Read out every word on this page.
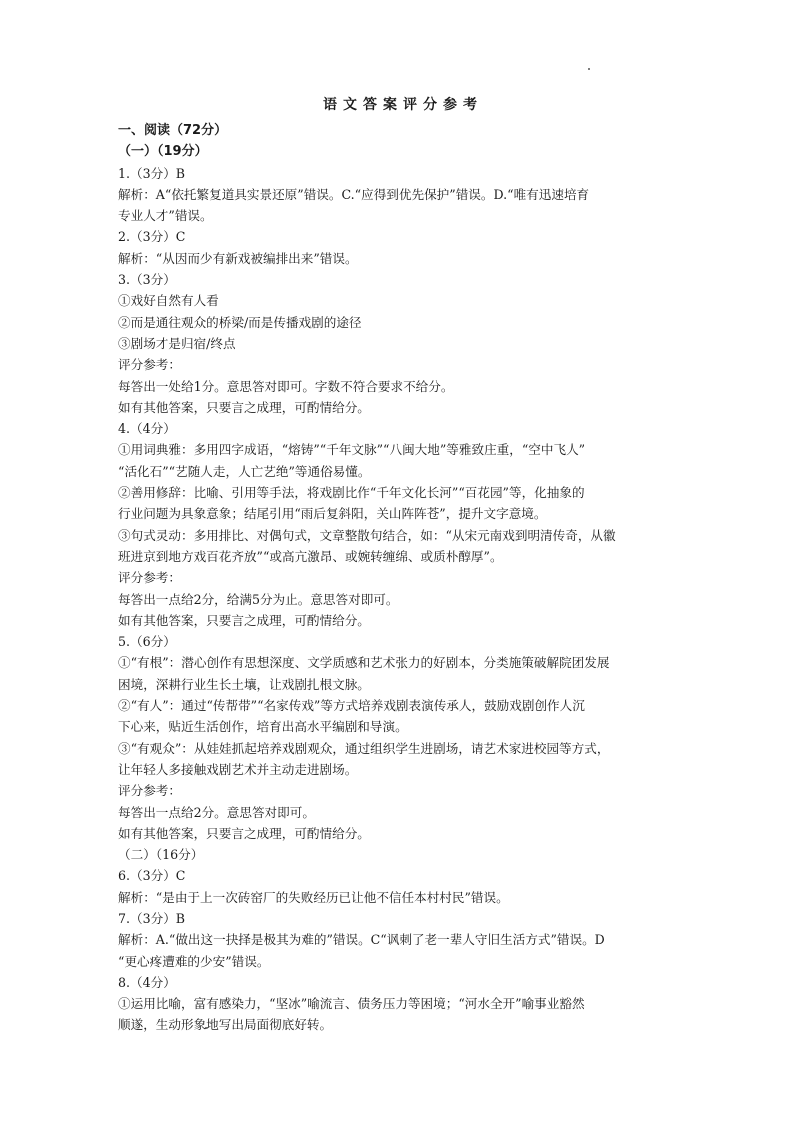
语文答案评分参考
一、阅读（72分）
（一）（19分）
1.（3分）B
解析：A“依托繁复道具实景还原”错误。C.“应得到优先保护”错误。D.“唯有迅速培育
专业人才”错误。
2.（3分）C
解析：“从因而少有新戏被编排出来”错误。
3.（3分）
①戏好自然有人看
②而是通往观众的桥梁/而是传播戏剧的途径
③剧场才是归宿/终点
评分参考：
每答出一处给1分。意思答对即可。字数不符合要求不给分。
如有其他答案，只要言之成理，可酌情给分。
4.（4分）
①用词典雅：多用四字成语，“熔铸”“千年文脉”“八闽大地”等雅致庄重，“空中飞人”
“活化石”“艺随人走，人亡艺绝”等通俗易懂。
②善用修辞：比喻、引用等手法，将戏剧比作“千年文化长河”“百花园”等，化抽象的
行业问题为具象意象；结尾引用“雨后复斜阳，关山阵阵苍”，提升文字意境。
③句式灵动：多用排比、对偶句式，文章整散句结合，如：“从宋元南戏到明清传奇，从徽
班进京到地方戏百花齐放”“或高亢激昂、或婉转缠绵、或质朴醇厚”。
评分参考：
每答出一点给2分，给满5分为止。意思答对即可。
如有其他答案，只要言之成理，可酌情给分。
5.（6分）
①“有根”：潜心创作有思想深度、文学质感和艺术张力的好剧本，分类施策破解院团发展
困境，深耕行业生长土壤，让戏剧扎根文脉。
②“有人”：通过“传帮带”“名家传戏”等方式培养戏剧表演传承人，鼓励戏剧创作人沉
下心来，贴近生活创作，培育出高水平编剧和导演。
③“有观众”：从娃娃抓起培养戏剧观众，通过组织学生进剧场，请艺术家进校园等方式，
让年轻人多接触戏剧艺术并主动走进剧场。
评分参考：
每答出一点给2分。意思答对即可。
如有其他答案，只要言之成理，可酌情给分。
（二）（16分）
6.（3分）C
解析：“是由于上一次砖窑厂的失败经历已让他不信任本村村民”错误。
7.（3分）B
解析：A.“做出这一抉择是极其为难的”错误。C“讽刺了老一辈人守旧生活方式”错误。D
“更心疼遭难的少安”错误。
8.（4分）
①运用比喻，富有感染力，“坚冰”喻流言、债务压力等困境；“河水全开”喻事业豁然
顺遂，生动形象地写出局面彻底好转。
